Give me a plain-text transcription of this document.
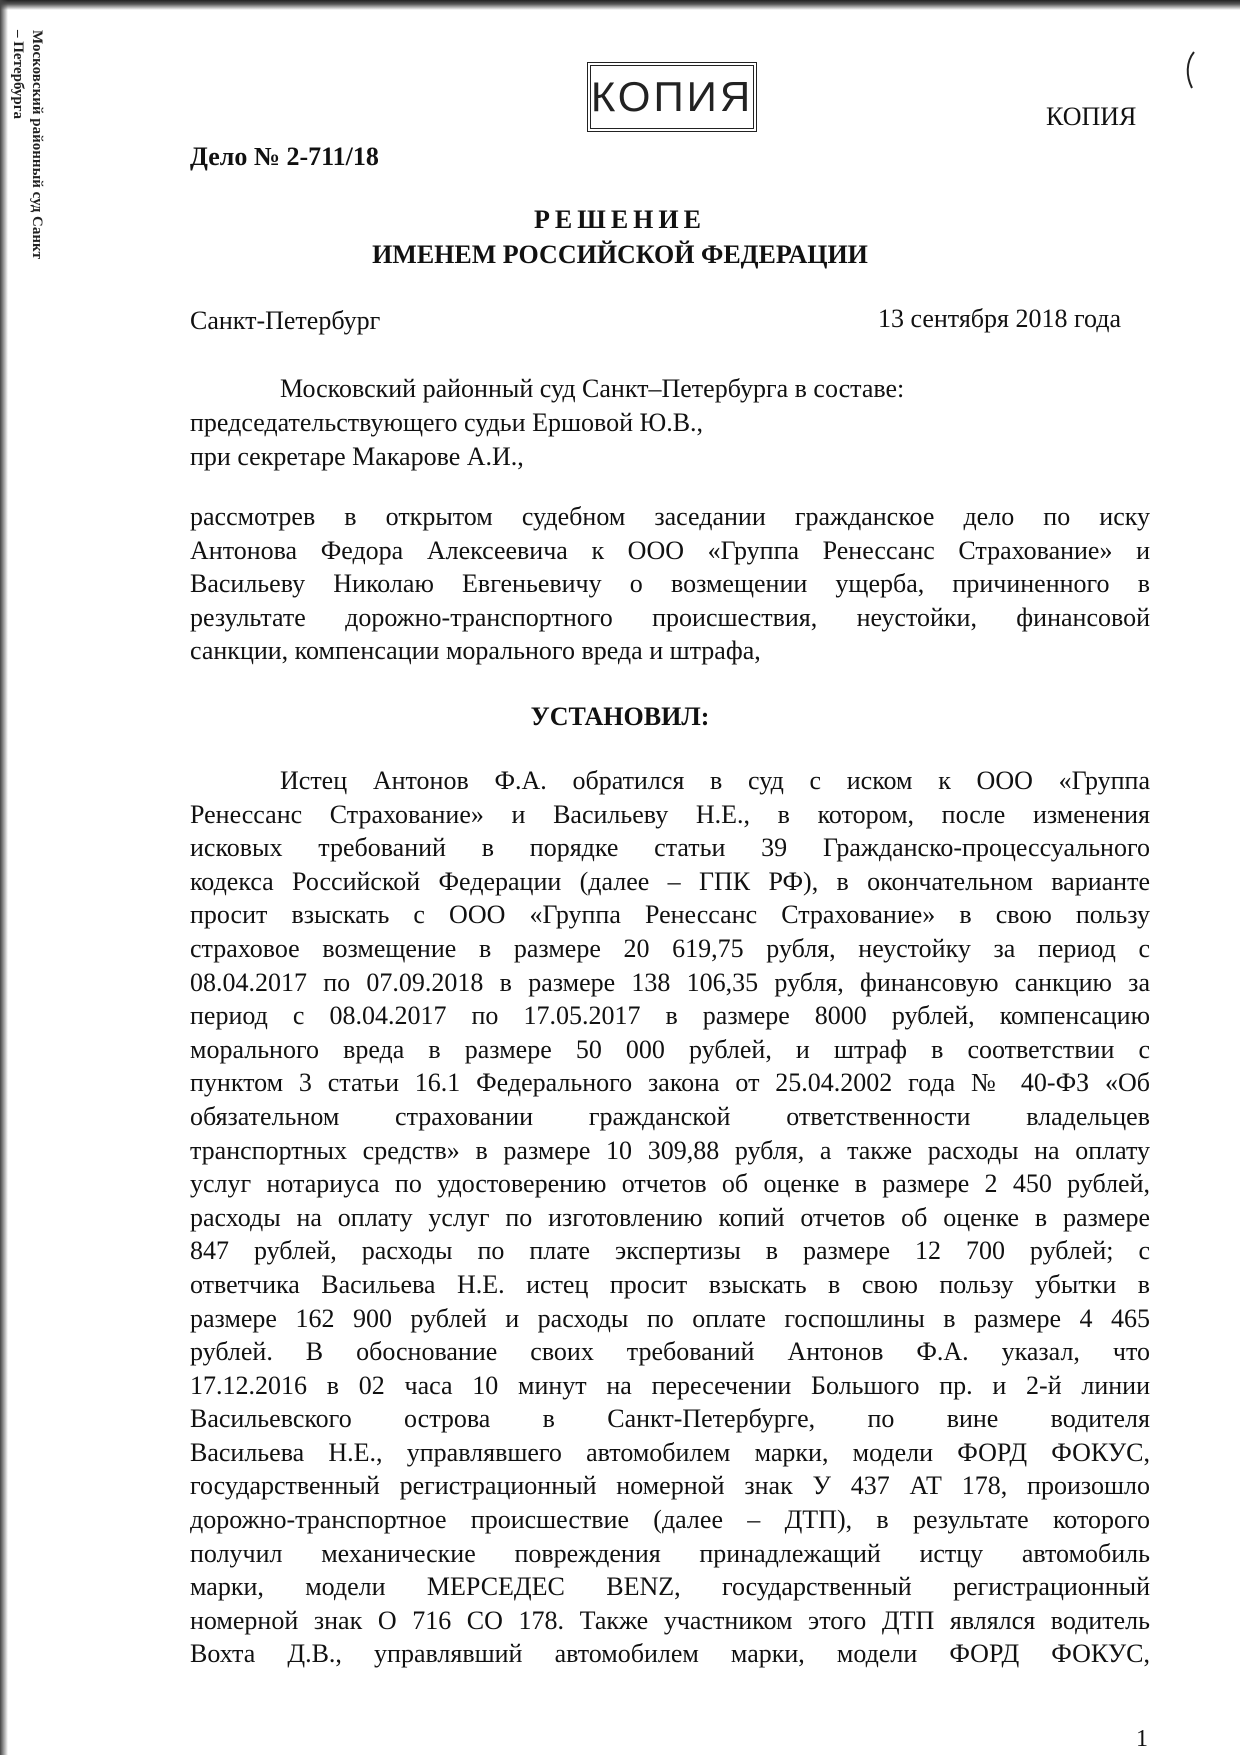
Московский районный суд Санкт – Петербурга	КОПИЯ	КОПИЯ
Дело № 2-711/18
РЕШЕНИЕ
ИМЕНЕМ РОССИЙСКОЙ ФЕДЕРАЦИИ
Санкт-Петербург	13 сентября 2018 года
Московский районный суд Санкт–Петербурга в составе:
председательствующего судьи Ершовой Ю.В.,
при секретаре Макарове А.И.,
рассмотрев в открытом судебном заседании гражданское дело по иску
Антонова Федора Алексеевича к ООО «Группа Ренессанс Страхование» и
Васильеву Николаю Евгеньевичу о возмещении ущерба, причиненного в
результате дорожно-транспортного происшествия, неустойки, финансовой
санкции, компенсации морального вреда и штрафа,
УСТАНОВИЛ:
Истец Антонов Ф.А. обратился в суд с иском к ООО «Группа
Ренессанс Страхование» и Васильеву Н.Е., в котором, после изменения
исковых требований в порядке статьи 39 Гражданско-процессуального
кодекса Российской Федерации (далее – ГПК РФ), в окончательном варианте
просит взыскать с ООО «Группа Ренессанс Страхование» в свою пользу
страховое возмещение в размере 20 619,75 рубля, неустойку за период с
08.04.2017 по 07.09.2018 в размере 138 106,35 рубля, финансовую санкцию за
период с 08.04.2017 по 17.05.2017 в размере 8000 рублей, компенсацию
морального вреда в размере 50 000 рублей, и штраф в соответствии с
пунктом 3 статьи 16.1 Федерального закона от 25.04.2002 года № 40-ФЗ «Об
обязательном страховании гражданской ответственности владельцев
транспортных средств» в размере 10 309,88 рубля, а также расходы на оплату
услуг нотариуса по удостоверению отчетов об оценке в размере 2 450 рублей,
расходы на оплату услуг по изготовлению копий отчетов об оценке в размере
847 рублей, расходы по плате экспертизы в размере 12 700 рублей; с
ответчика Васильева Н.Е. истец просит взыскать в свою пользу убытки в
размере 162 900 рублей и расходы по оплате госпошлины в размере 4 465
рублей. В обоснование своих требований Антонов Ф.А. указал, что
17.12.2016 в 02 часа 10 минут на пересечении Большого пр. и 2-й линии
Васильевского острова в Санкт-Петербурге, по вине водителя
Васильева Н.Е., управлявшего автомобилем марки, модели ФОРД ФОКУС,
государственный регистрационный номерной знак У 437 АТ 178, произошло
дорожно-транспортное происшествие (далее – ДТП), в результате которого
получил механические повреждения принадлежащий истцу автомобиль
марки, модели МЕРСЕДЕС BENZ, государственный регистрационный
номерной знак О 716 СО 178. Также участником этого ДТП являлся водитель
Вохта Д.В., управлявший автомобилем марки, модели ФОРД ФОКУС,
1
